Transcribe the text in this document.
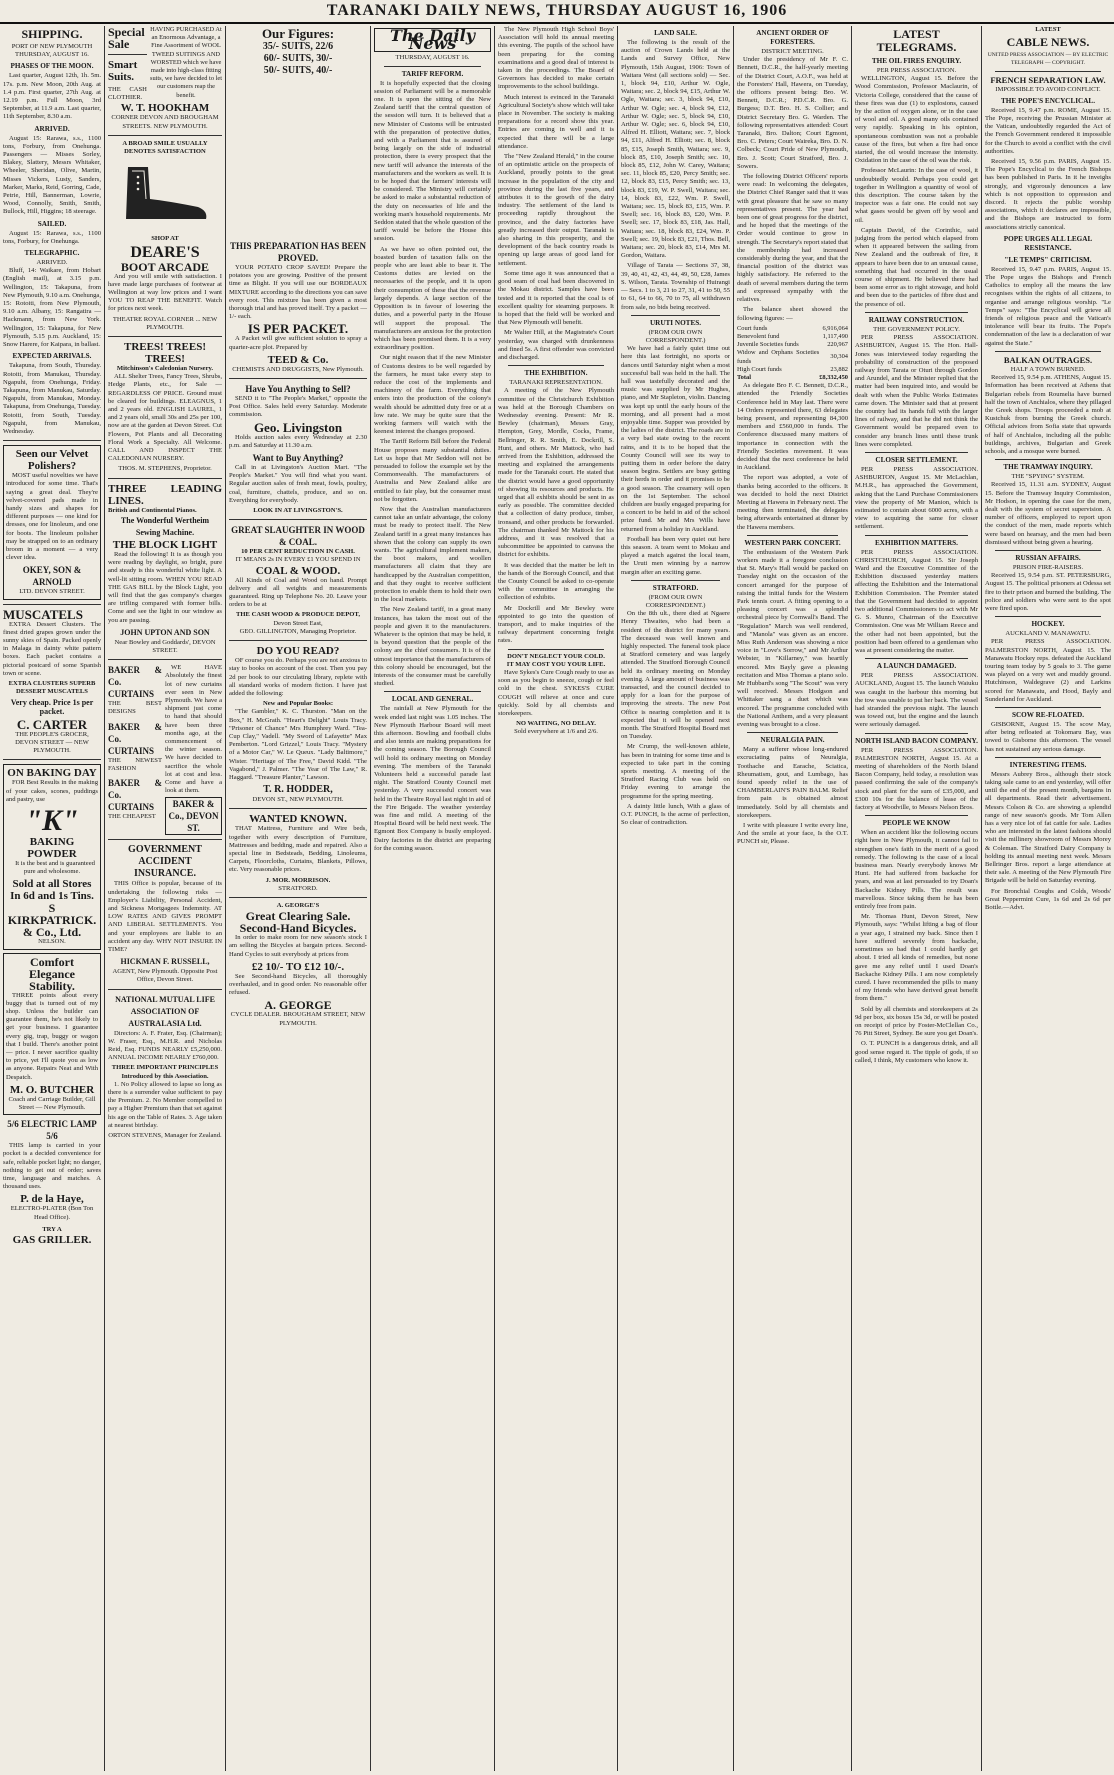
TARANAKI DAILY NEWS, THURSDAY AUGUST 16, 1906
SHIPPING.
PORT OF NEW PLYMOUTH
THURSDAY, AUGUST 16.
PHASES OF THE MOON.

Last quarter, August 12th, 1h. 5m. 17s. p.m. New Moon, 20th Aug. at 1.4 p.m. First quarter, 27th Aug. at 12.19 p.m. Full Moon, 3rd September, at 11.9 a.m. Last quarter, 11th September, 8.30 a.m.

ARRIVED.

August 15: Rarawa, s.s., 1100 tons, Forbury, from Onehunga. Passengers — Misses Sorley, Blakey, Slattery, Messrs Whitaker, Wheeler, Sheridan, Olive, Martin, Misses Vickers, Lusty, Sanders, Marker, Marks, Reid, Gorring, Cade, Petrie, Hill, Bannerman, Lowrie, Wood, Connolly, Smith, Smith, Bullock, Hill, Higgins; 18 steerage.

SAILED.

August 15: Rarawa, s.s., 1100 tons, Forbury, for Onehunga.

TELEGRAPHIC.
ARRIVED.

Bluff, 14: Waikare, from Hobart (English mail), at 3.15 p.m. Wellington, 15: Takapuna, from New Plymouth, 9.10 a.m. Onehunga, 15: Rotoiti, from New Plymouth, 9.10 a.m. Albany, 15: Rangatira — Hackmann, from New York. Wellington, 15: Takapuna, for New Plymouth, 5.15 p.m. Auckland, 15: Snow Harere, for Kaipara, in ballast.

EXPECTED ARRIVALS.

Takapuna, from South, Thursday. Rotoiti, from Manukau, Thursday. Ngapuhi, from Onehunga, Friday. Takapuna, from Manukau, Saturday. Ngapuhi, from Manukau, Monday. Takapuna, from Onehunga, Tuesday. Rotoiti, from South, Tuesday. Ngapuhi, from Manukau, Wednesday.

Seen our Velvet Polishers?

MOST useful novelties we have introduced for some time. That's saying a great deal. They're velvet-covered pads made in handy sizes and shapes for different purposes — one kind for dresses, one for linoleum, and one for boots. The linoleum polisher may be strapped on to an ordinary broom in a moment — a very clever idea.

OKEY, SON & ARNOLD
LTD. DEVON STREET.
MUSCATELS

EXTRA Dessert Clusters. The finest dried grapes grown under the sunny skies of Spain. Packed openly in Malaga in dainty white pattern boxes. Each packet contains a pictorial postcard of some Spanish town or scene.

EXTRA CLUSTERS SUPERB DESSERT MUSCATELS
Very cheap. Price 1s per packet.
C. CARTER
THE PEOPLE'S GROCER, DEVON STREET — NEW PLYMOUTH.
ON BAKING DAY

FOR Best Results in the making of your cakes, scones, puddings and pastry, use

"K"
BAKING POWDER

It is the best and is guaranteed pure and wholesome.

Sold at all Stores In 6d and 1s Tins.
S KIRKPATRICK. & Co., Ltd.
NELSON.
Comfort Elegance Stability.

THREE points about every buggy that is turned out of my shop. Unless the builder can guarantee them, he's not likely to get your business. I guarantee every gig, trap, buggy or wagon that I build. There's another point — price. I never sacrifice quality to price, yet I'll quote you as low as anyone. Repairs Neat and With Despatch.

M. O. BUTCHER
Coach and Carriage Builder, Gill Street — New Plymouth.
5/6 ELECTRIC LAMP 5/6

THIS lamp is carried in your pocket is a decided convenience for safe, reliable pocket light; no danger, nothing to get out of order; saves time, language and matches. A thousand uses.

P. de la Haye,
ELECTRO-PLATER (Bon Ton Head Office).
TRY A
GAS GRILLER.
Special Sale
Smart Suits.
THE CASH CLOTHIER.

HAVING PURCHASED At an Enormous Advantage, a Fine Assortment of WOOL TWEED SUITINGS AND WORSTED which we have made into high-class fitting suits, we have decided to let our customers reap the benefit.

W. T. HOOKHAM
CORNER DEVON AND BROUGHAM STREETS. NEW PLYMOUTH.
A BROAD SMILE USUALLY DENOTES SATISFACTION
SHOP AT
DEARE'S
BOOT ARCADE

And you will smile with satisfaction. I have made large purchases of footwear at Wellington at way low prices and I want YOU TO REAP THE BENEFIT. Watch for prices next week.

THEATRE ROYAL CORNER ... NEW PLYMOUTH.
TREES! TREES! TREES!
Mitchinson's Caledonian Nursery.

ALL Shelter Trees, Fancy Trees, Shrubs, Hedge Plants, etc., for Sale — REGARDLESS OF PRICE. Ground must be cleared for buildings. ELEAGNUS, 1 and 2 years old. ENGLISH LAUREL, 1 and 2 years old, small 30s and 25s per 100, now are at the garden at Devon Street. Cut Flowers, Pot Plants and all Decorating Floral Work a Specialty. All Welcome. CALL AND INSPECT THE CALEDONIAN NURSERY.

THOS. M. STEPHENS, Proprietor.
THREE LEADING LINES.
British and Continental Pianos.
The Wonderful Wertheim Sewing Machine.
THE BLOCK LIGHT

Read the following! It is as though you were reading by daylight, so bright, pure and steady is this wonderful white light. A well-lit sitting room. WHEN YOU READ THE GAS BILL by the Block Light, you will find that the gas company's charges are trifling compared with former bills. Come and see the light in our window as you are passing.

JOHN UPTON AND SON
Near Bowley and Goddards', DEVON STREET.
BAKER & Co.
CURTAINS
THE BEST DESIGNS
BAKER & Co.
CURTAINS
THE NEWEST FASHION
BAKER & Co.
CURTAINS
THE CHEAPEST

WE HAVE Absolutely the finest lot of new curtains ever seen in New Plymouth. We have a shipment just come to hand that should have been three months ago, at the commencement of the winter season. We have decided to sacrifice the whole lot at cost and less. Come and have a look at them.

BAKER & Co., DEVON ST.
GOVERNMENT ACCIDENT INSURANCE.

THIS Office is popular, because of its undertaking the following risks — Employer's Liability, Personal Accident, and Sickness Mortgagees Indemnity. AT LOW RATES AND GIVES PROMPT AND LIBERAL SETTLEMENTS. You and your employees are liable to an accident any day. WHY NOT INSURE IN TIME?

HICKMAN F. RUSSELL,
AGENT, New Plymouth. Opposite Post Office, Devon Street.
NATIONAL MUTUAL LIFE ASSOCIATION OF AUSTRALASIA Ltd.

Directors: A. F. Frater, Esq. (Chairman); W. Fraser, Esq., M.H.R. and Nicholas Reid, Esq. FUNDS NEARLY £5,250,000. ANNUAL INCOME NEARLY £760,000.

THREE IMPORTANT PRINCIPLES Introduced by this Association.

1. No Policy allowed to lapse so long as there is a surrender value sufficient to pay the Premium. 2. No Member compelled to pay a Higher Premium than that set against his age on the Table of Rates. 3. Age taken at nearest birthday.

ORTON STEVENS, Manager for Zealand.
Our Figures:
35/- SUITS, 22/6
60/- SUITS, 30/-
50/- SUITS, 40/-
THIS PREPARATION HAS BEEN PROVED.

YOUR POTATO CROP SAVED! Prepare the potatoes you are growing. Positive of the present time as Blight. If you will use our BORDEAUX MIXTURE according to the directions you can save every root. This mixture has been given a most thorough trial and has proved itself. Try a packet — 1/- each.

IS PER PACKET.

A Packet will give sufficient solution to spray a quarter-acre plot. Prepared by

TEED & Co.
CHEMISTS AND DRUGGISTS, New Plymouth.
Have You Anything to Sell?

SEND it to "The People's Market," opposite the Post Office. Sales held every Saturday. Moderate commission.

Geo. Livingston

Holds auction sales every Wednesday at 2.30 p.m. and Saturday at 11.30 a.m.

Want to Buy Anything?

Call in at Livingston's Auction Mart. "The People's Market." You will find what you want. Regular auction sales of fresh meat, fowls, poultry, coal, furniture, chattels, produce, and so on. Everything for everybody.

LOOK IN AT LIVINGSTON'S.
GREAT SLAUGHTER IN WOOD & COAL.
10 PER CENT REDUCTION IN CASH.
IT MEANS 2s IN EVERY £1 YOU SPEND IN
COAL & WOOD.

All Kinds of Coal and Wood on hand. Prompt delivery and all weights and measurements guaranteed. Ring up Telephone No. 20. Leave your orders to be at

THE CASH WOOD & PRODUCE DEPOT,
Devon Street East,
GEO. GILLINGTON, Managing Proprietor.
DO YOU READ?

OF course you do. Perhaps you are not anxious to stay to books on account of the cost. Then you pay 2d per book to our circulating library, replete with all standard works of modern fiction. I have just added the following:

New and Popular Books:

"The Gambler," K. C. Thurston. "Man on the Box," H. McGrath. "Heart's Delight" Louis Tracy. "Prisoner of Chance" Mrs Humphrey Ward. "Tea-Cup Clay," Vadell. "My Sword of Lafayette" Max Pemberton. "Lord Grizzel," Louis Tracy. "Mystery of a Motor Car," W. Le Queux. "Lady Baltimore," Wister. "Heritage of The Free," David Kidd. "The Vagabond," J. Palmer. "The Year of The Law," R. Haggard. "Treasure Planter," Lawson.

T. R. HODDER,
DEVON ST., NEW PLYMOUTH.
WANTED KNOWN.

THAT Mattress, Furniture and Wire beds, together with every description of Furniture, Mattresses and bedding, made and repaired. Also a special line in Bedsteads, Bedding, Linoleums, Carpets, Floorcloths, Curtains, Blankets, Pillows, etc. Very reasonable prices.

J. MOR. MORRISON.
STRATFORD.
A. GEORGE'S
Great Clearing Sale.
Second-Hand Bicycles.

In order to make room for new season's stock I am selling the Bicycles at bargain prices. Second-Hand Cycles to suit everybody at prices from

£2 10/- TO £12 10/-.

See Second-hand Bicycles, all thoroughly overhauled, and in good order. No reasonable offer refused.

A. GEORGE
CYCLE DEALER. BROUGHAM STREET, NEW PLYMOUTH.
The Daily News
THURSDAY, AUGUST 16.
TARIFF REFORM.

It is hopefully expected that the closing session of Parliament will be a memorable one. It is upon the sitting of the New Zealand tariff that the central question of the session will turn. It is believed that a new Minister of Customs will be entrusted with the preparation of protective duties, and with a Parliament that is assured of being largely on the side of industrial protection, there is every prospect that the new tariff will advance the interests of the manufacturers and the workers as well. It is to be hoped that the farmers' interests will be considered. The Ministry will certainly be asked to make a substantial reduction of the duty on necessaries of life and the working man's household requirements. Mr Seddon stated that the whole question of the tariff would be before the House this session.

As we have so often pointed out, the boasted burden of taxation falls on the people who are least able to bear it. The Customs duties are levied on the necessaries of the people, and it is upon their consumption of these that the revenue largely depends. A large section of the Opposition is in favour of lowering the duties, and a powerful party in the House will support the proposal. The manufacturers are anxious for the protection which has been promised them. It is a very extraordinary position.

Our night reason that if the new Minister of Customs desires to be well regarded by the farmers, he must take every step to reduce the cost of the implements and machinery of the farm. Everything that enters into the production of the colony's wealth should be admitted duty free or at a low rate. We may be quite sure that the working farmers will watch with the keenest interest the changes proposed.

The Tariff Reform Bill before the Federal House proposes many substantial duties. Let us hope that Mr Seddon will not be persuaded to follow the example set by the Commonwealth. The manufacturers of Australia and New Zealand alike are entitled to fair play, but the consumer must not be forgotten.

Now that the Australian manufacturers cannot take an unfair advantage, the colony must be ready to protect itself. The New Zealand tariff in a great many instances has shown that the colony can supply its own wants. The agricultural implement makers, the boot makers, and woollen manufacturers all claim that they are handicapped by the Australian competition, and that they ought to receive sufficient protection to enable them to hold their own in the local markets.

The New Zealand tariff, in a great many instances, has taken the most out of the people and given it to the manufacturers. Whatever is the opinion that may be held, it is beyond question that the people of the colony are the chief consumers. It is of the utmost importance that the manufacturers of this colony should be encouraged, but the interests of the consumer must be carefully studied.

LOCAL AND GENERAL.

The rainfall at New Plymouth for the week ended last night was 1.05 inches. The New Plymouth Harbour Board will meet this afternoon. Bowling and football clubs and also tennis are making preparations for the coming season. The Borough Council will hold its ordinary meeting on Monday evening. The members of the Taranaki Volunteers held a successful parade last night. The Stratford County Council met yesterday. A very successful concert was held in the Theatre Royal last night in aid of the Fire Brigade. The weather yesterday was fine and mild. A meeting of the Hospital Board will be held next week. The Egmont Box Company is busily employed. Dairy factories in the district are preparing for the coming season.

The New Plymouth High School Boys' Association will hold its annual meeting this evening. The pupils of the school have been preparing for the coming examinations and a good deal of interest is taken in the proceedings. The Board of Governors has decided to make certain improvements to the school buildings.

Much interest is evinced in the Taranaki Agricultural Society's show which will take place in November. The society is making preparations for a record show this year. Entries are coming in well and it is expected that there will be a large attendance.

The "New Zealand Herald," in the course of an optimistic article on the prospects of Auckland, proudly points to the great increase in the population of the city and province during the last five years, and attributes it to the growth of the dairy industry. The settlement of the land is proceeding rapidly throughout the province, and the dairy factories have greatly increased their output. Taranaki is also sharing in this prosperity, and the development of the back country roads is opening up large areas of good land for settlement.

Some time ago it was announced that a good seam of coal had been discovered in the Mokau district. Samples have been tested and it is reported that the coal is of excellent quality for steaming purposes. It is hoped that the field will be worked and that New Plymouth will benefit.

Mr Walter Hill, at the Magistrate's Court yesterday, was charged with drunkenness and fined 5s. A first offender was convicted and discharged.

THE EXHIBITION.
TARANAKI REPRESENTATION.

A meeting of the New Plymouth committee of the Christchurch Exhibition was held at the Borough Chambers on Wednesday evening. Present: Mr R. Bewley (chairman), Messrs Gray, Hempton, Grey, Mordle, Cocks, Frame, Bellringer, R. R. Smith, E. Dockrill, S. Hunt, and others. Mr Mattock, who had arrived from the Exhibition, addressed the meeting and explained the arrangements made for the Taranaki court. He stated that the district would have a good opportunity of showing its resources and products. He urged that all exhibits should be sent in as early as possible. The committee decided that a collection of dairy produce, timber, ironsand, and other products be forwarded. The chairman thanked Mr Mattock for his address, and it was resolved that a subcommittee be appointed to canvass the district for exhibits.

It was decided that the matter be left in the hands of the Borough Council, and that the County Council be asked to co-operate with the committee in arranging the collection of exhibits.

Mr Dockrill and Mr Bewley were appointed to go into the question of transport, and to make inquiries of the railway department concerning freight rates.

DON'T NEGLECT YOUR COLD.
IT MAY COST YOU YOUR LIFE.

Have Sykes's Cure Cough ready to use as soon as you begin to sneeze, cough or feel cold in the chest. SYKES'S CURE COUGH will relieve at once and cure quickly. Sold by all chemists and storekeepers.

NO WAITING, NO DELAY.
Sold everywhere at 1/6 and 2/6.
LAND SALE.

The following is the result of the auction of Crown Lands held at the Lands and Survey Office, New Plymouth, 15th August, 1906: Town of Waitara West (all sections sold) — Sec. 1, block 94, £10, Arthur W. Ogle, Waitara; sec. 2, block 94, £15, Arthur W. Ogle, Waitara; sec. 3, block 94, £10, Arthur W. Ogle; sec. 4, block 94, £12, Arthur W. Ogle; sec. 5, block 94, £10, Arthur W. Ogle; sec. 6, block 94, £10, Alfred H. Elliott, Waitara; sec. 7, block 94, £11, Alfred H. Elliott; sec. 8, block 85, £15, Joseph Smith, Waitara; sec. 9, block 85, £10, Joseph Smith; sec. 10, block 85, £12, John W. Carey, Waitara; sec. 11, block 85, £20, Percy Smith; sec. 12, block 83, £15, Percy Smith; sec. 13, block 83, £19, W. P. Swell, Waitara; sec. 14, block 83, £22, Wm. P. Swell, Waitara; sec. 15, block 83, £15, Wm. P. Swell; sec. 16, block 83, £20, Wm. P. Swell; sec. 17, block 83, £18, Jas. Hall, Waitara; sec. 18, block 83, £24, Wm. P. Swell; sec. 19, block 83, £21, Thos. Bell, Waitara; sec. 20, block 83, £14, Mrs M. Gordon, Waitara.

Village of Tarata — Sections 37, 38, 39, 40, 41, 42, 43, 44, 49, 50, £28, James S. Wilson, Tarata. Township of Huirangi — Secs. 1 to 3, 21 to 27, 31, 41 to 50, 55 to 61, 64 to 66, 70 to 75, all withdrawn from sale, no bids being received.

URUTI NOTES.
(FROM OUR OWN CORRESPONDENT.)

We have had a fairly quiet time out here this last fortnight, no sports or dances until Saturday night when a most successful ball was held in the hall. The hall was tastefully decorated and the music was supplied by Mr Hughes, piano, and Mr Stapleton, violin. Dancing was kept up until the early hours of the morning, and all present had a most enjoyable time. Supper was provided by the ladies of the district. The roads are in a very bad state owing to the recent rains, and it is to be hoped that the County Council will see its way to putting them in order before the dairy season begins. Settlers are busy getting their herds in order and it promises to be a good season. The creamery will open on the 1st September. The school children are busily engaged preparing for a concert to be held in aid of the school prize fund. Mr and Mrs Wills have returned from a holiday in Auckland.

Football has been very quiet out here this season. A team went to Mokau and played a match against the local team, the Uruti men winning by a narrow margin after an exciting game.

STRATFORD.
(FROM OUR OWN CORRESPONDENT.)

On the 8th ult., there died at Ngaere Henry Thwaites, who had been a resident of the district for many years. The deceased was well known and highly respected. The funeral took place at Stratford cemetery and was largely attended. The Stratford Borough Council held its ordinary meeting on Monday evening. A large amount of business was transacted, and the council decided to apply for a loan for the purpose of improving the streets. The new Post Office is nearing completion and it is expected that it will be opened next month. The Stratford Hospital Board met on Tuesday.

Mr Crump, the well-known athlete, has been in training for some time and is expected to take part in the coming sports meeting. A meeting of the Stratford Racing Club was held on Friday evening to arrange the programme for the spring meeting.

A dainty little lunch, With a glass of O.T. PUNCH, Is the acme of perfection, So clear of contradiction.

ANCIENT ORDER OF FORESTERS.
DISTRICT MEETING.

Under the presidency of Mr F. C. Bennett, D.C.R., the half-yearly meeting of the District Court, A.O.F., was held at the Foresters' Hall, Hawera, on Tuesday, the officers present being: Bro. W. Bennett, D.C.R.; P.D.C.R. Bro. G. Burgess; D.T. Bro. H. S. Collier; and District Secretary Bro. G. Warden. The following representatives attended: Court Taranaki, Bro. Dalton; Court Egmont, Bro. C. Peters; Court Waireka, Bro. D. N. Colbeck; Court Pride of New Plymouth, Bro. J. Scott; Court Stratford, Bro. J. Sowers.

The following District Officers' reports were read: In welcoming the delegates, the District Chief Ranger said that it was with great pleasure that he saw so many representatives present. The year had been one of great progress for the district, and he hoped that the meetings of the Order would continue to grow in strength. The Secretary's report stated that the membership had increased considerably during the year, and that the financial position of the district was highly satisfactory. He referred to the death of several members during the term and expressed sympathy with the relatives.

The balance sheet showed the following figures: —

Court funds	6,916,064
Benevolent fund	1,117,490
Juvenile Societies funds	220,967
Widow and Orphans Societies funds	30,304
High Court funds	23,882
Total	£8,332,450

As delegate Bro F. C. Bennett, D.C.R., attended the Friendly Societies Conference held in May last. There were 14 Orders represented there, 63 delegates being present, and representing 84,300 members and £560,000 in funds. The Conference discussed many matters of importance in connection with the Friendly Societies movement. It was decided that the next conference be held in Auckland.

The report was adopted, a vote of thanks being accorded to the officers. It was decided to hold the next District Meeting at Hawera in February next. The meeting then terminated, the delegates being afterwards entertained at dinner by the Hawera members.

WESTERN PARK CONCERT.

The enthusiasm of the Western Park workers made it a foregone conclusion that St. Mary's Hall would be packed on Tuesday night on the occasion of the concert arranged for the purpose of raising the initial funds for the Western Park tennis court. A fitting opening to a pleasing concert was a splendid orchestral piece by Cornwall's Band. The "Regulation" March was well rendered, and "Manola" was given as an encore. Miss Ruth Anderson was showing a nice voice in "Love's Sorrow," and Mr Arthur Webster, in "Killarney," was heartily encored. Mrs Bayly gave a pleasing recitation and Miss Thomas a piano solo. Mr Hubbard's song "The Scout" was very well received. Messrs Hodgson and Whittaker sang a duet which was encored. The programme concluded with the National Anthem, and a very pleasant evening was brought to a close.

NEURALGIA PAIN.

Many a sufferer whose long-endured excruciating pains of Neuralgia, Toothache and Earache, Sciatica, Rheumatism, gout, and Lumbago, has found speedy relief in the use of CHAMBERLAIN'S PAIN BALM. Relief from pain is obtained almost immediately. Sold by all chemists and storekeepers.

I write with pleasure I write every line, And the smile at your face, Is the O.T. PUNCH sir, Please.

LATEST TELEGRAMS.
THE OIL FIRES ENQUIRY.
PER PRESS ASSOCIATION.

WELLINGTON, August 15. Before the Wood Commission, Professor Maclaurin, of Victoria College, considered that the cause of these fires was due (1) to explosions, caused by the action of oxygen alone, or in the case of wool and oil. A good many oils contained very rapidly. Speaking in his opinion, spontaneous combustion was not a probable cause of the fires, but when a fire had once started, the oil would increase the intensity. Oxidation in the case of the oil was the risk.

Professor McLaurin: In the case of wool, it undoubtedly would. Perhaps you could get together in Wellington a quantity of wool of this description. The course taken by the inspector was a fair one. He could not say what gases would be given off by wool and oil.

Captain David, of the Corinthic, said judging from the period which elapsed from when it appeared between the sailing from New Zealand and the outbreak of fire, it appears to have been due to an unusual cause, something that had occurred in the usual course of shipment. He believed there had been some error as to right stowage, and hold and been due to the particles of fibre dust and the presence of oil.

RAILWAY CONSTRUCTION.
THE GOVERNMENT POLICY.

PER PRESS ASSOCIATION. ASHBURTON, August 15. The Hon. Hall-Jones was interviewed today regarding the probability of construction of the proposed railway from Tarata or Oturi through Gordon and Arundel, and the Minister replied that the matter had been inquired into, and would be dealt with when the Public Works Estimates came down. The Minister said that at present the country had its hands full with the larger lines of railway, and that he did not think the Government would be prepared even to consider any branch lines until these trunk lines were completed.

CLOSER SETTLEMENT.

PER PRESS ASSOCIATION. ASHBURTON, August 15. Mr McLachlan, M.H.R., has approached the Government, asking that the Land Purchase Commissioners view the property of Mr Manion, which is estimated to contain about 6000 acres, with a view to acquiring the same for closer settlement.

EXHIBITION MATTERS.

PER PRESS ASSOCIATION. CHRISTCHURCH, August 15. Sir Joseph Ward and the Executive Committee of the Exhibition discussed yesterday matters affecting the Exhibition and the International Exhibition Commission. The Premier stated that the Government had decided to appoint two additional Commissioners to act with Mr G. S. Munro, Chairman of the Executive Commission. One was Mr William Reece and the other had not been appointed, but the position had been offered to a gentleman who was at present considering the matter.

A LAUNCH DAMAGED.

PER PRESS ASSOCIATION. AUCKLAND, August 15. The launch Waiuku was caught in the harbour this morning but the tow was unable to put her back. The vessel had stranded the previous night. The launch was towed out, but the engine and the launch were seriously damaged.

NORTH ISLAND BACON COMPANY.

PER PRESS ASSOCIATION. PALMERSTON NORTH, August 15. At a meeting of shareholders of the North Island Bacon Company, held today, a resolution was passed confirming the sale of the company's stock and plant for the sum of £35,000, and £300 10s for the balance of lease of the factory at Woodville, to Messrs Nelson Bros.

PEOPLE WE KNOW

When an accident like the following occurs right here in New Plymouth, it cannot fail to strengthen one's faith in the merit of a good remedy. The following is the case of a local business man. Nearly everybody knows Mr Hunt. He had suffered from backache for years, and was at last persuaded to try Doan's Backache Kidney Pills. The result was marvellous. Since taking them he has been entirely free from pain.

Mr. Thomas Hunt, Devon Street, New Plymouth, says: "Whilst lifting a bag of flour a year ago, I strained my back. Since then I have suffered severely from backache, sometimes so bad that I could hardly get about. I tried all kinds of remedies, but none gave me any relief until I used Doan's Backache Kidney Pills. I am now completely cured. I have recommended the pills to many of my friends who have derived great benefit from them."

Sold by all chemists and storekeepers at 2s 9d per box, six boxes 15s 3d, or will be posted on receipt of price by Foster-McClellan Co., 76 Pitt Street, Sydney. Be sure you get Doan's.

O. T. PUNCH is a dangerous drink, and all good sense regard it. The tipple of gods, if so called, I think, My customers who know it.

LATEST
CABLE NEWS.
UNITED PRESS ASSOCIATION — BY ELECTRIC TELEGRAPH — COPYRIGHT.
FRENCH SEPARATION LAW.
IMPOSSIBLE TO AVOID CONFLICT.
THE POPE'S ENCYCLICAL.

Received 15, 9.47 p.m. ROME, August 15. The Pope, receiving the Prussian Minister at the Vatican, undoubtedly regarded the Act of the French Government rendered it impossible for the Church to avoid a conflict with the civil authorities.

Received 15, 9.56 p.m. PARIS, August 15. The Pope's Encyclical to the French Bishops has been published in Paris. In it he inveighs strongly, and vigorously denounces a law which is not opposition to oppression and discord. It rejects the public worship associations, which it declares are impossible, and the Bishops are instructed to form associations strictly canonical.

POPE URGES ALL LEGAL RESISTANCE.
"LE TEMPS" CRITICISM.

Received 15, 9.47 p.m. PARIS, August 15. The Pope urges the Bishops and French Catholics to employ all the means the law recognises within the rights of all citizens, to organise and arrange religious worship. "Le Temps" says: "The Encyclical will grieve all friends of religious peace and the Vatican's intolerance will bear its fruits. The Pope's condemnation of the law is a declaration of war against the State."

BALKAN OUTRAGES.
HALF A TOWN BURNED.

Received 15, 9.54 p.m. ATHENS, August 15. Information has been received at Athens that Bulgarian rebels from Roumelia have burned half the town of Anchialos, where they pillaged the Greek shops. Troops proceeded a mob at Kustchuk from burning the Greek church. Official advices from Sofia state that upwards of half of Anchialos, including all the public buildings, archives, Bulgarian and Greek schools, and a mosque were burned.

THE TRAMWAY INQUIRY.
THE "SPYING" SYSTEM.

Received 15, 11.31 a.m. SYDNEY, August 15. Before the Tramway Inquiry Commission, Mr Hodson, in opening the case for the men, dealt with the system of secret supervision. A number of officers, employed to report upon the conduct of the men, made reports which were based on hearsay, and the men had been dismissed without being given a hearing.

RUSSIAN AFFAIRS.
PRISON FIRE-RAISERS.

Received 15, 9.54 p.m. ST. PETERSBURG, August 15. The political prisoners at Odessa set fire to their prison and burned the building. The police and soldiers who were sent to the spot were fired upon.

HOCKEY.
AUCKLAND V. MANAWATU.

PER PRESS ASSOCIATION. PALMERSTON NORTH, August 15. The Manawatu Hockey reps. defeated the Auckland touring team today by 5 goals to 3. The game was played on a very wet and muddy ground. Hutchinson, Waldegrave (2) and Larkins scored for Manawatu, and Hood, Bayly and Sunderland for Auckland.

SCOW RE-FLOATED.

GISBORNE, August 15. The scow May, after being refloated at Tokomaru Bay, was towed to Gisborne this afternoon. The vessel has not sustained any serious damage.

INTERESTING ITEMS.

Messrs Aubrey Bros., although their stock taking sale came to an end yesterday, will offer until the end of the present month, bargains in all departments. Read their advertisement. Messrs Colson & Co. are showing a splendid range of new season's goods. Mr Tom Allen has a very nice lot of fat cattle for sale. Ladies who are interested in the latest fashions should visit the millinery showroom of Messrs Morey & Coleman. The Stratford Dairy Company is holding its annual meeting next week. Messrs Bellringer Bros. report a large attendance at their sale. A meeting of the New Plymouth Fire Brigade will be held on Saturday evening.

For Bronchial Coughs and Colds, Woods' Great Peppermint Cure, 1s 6d and 2s 6d per Bottle.—Advt.
